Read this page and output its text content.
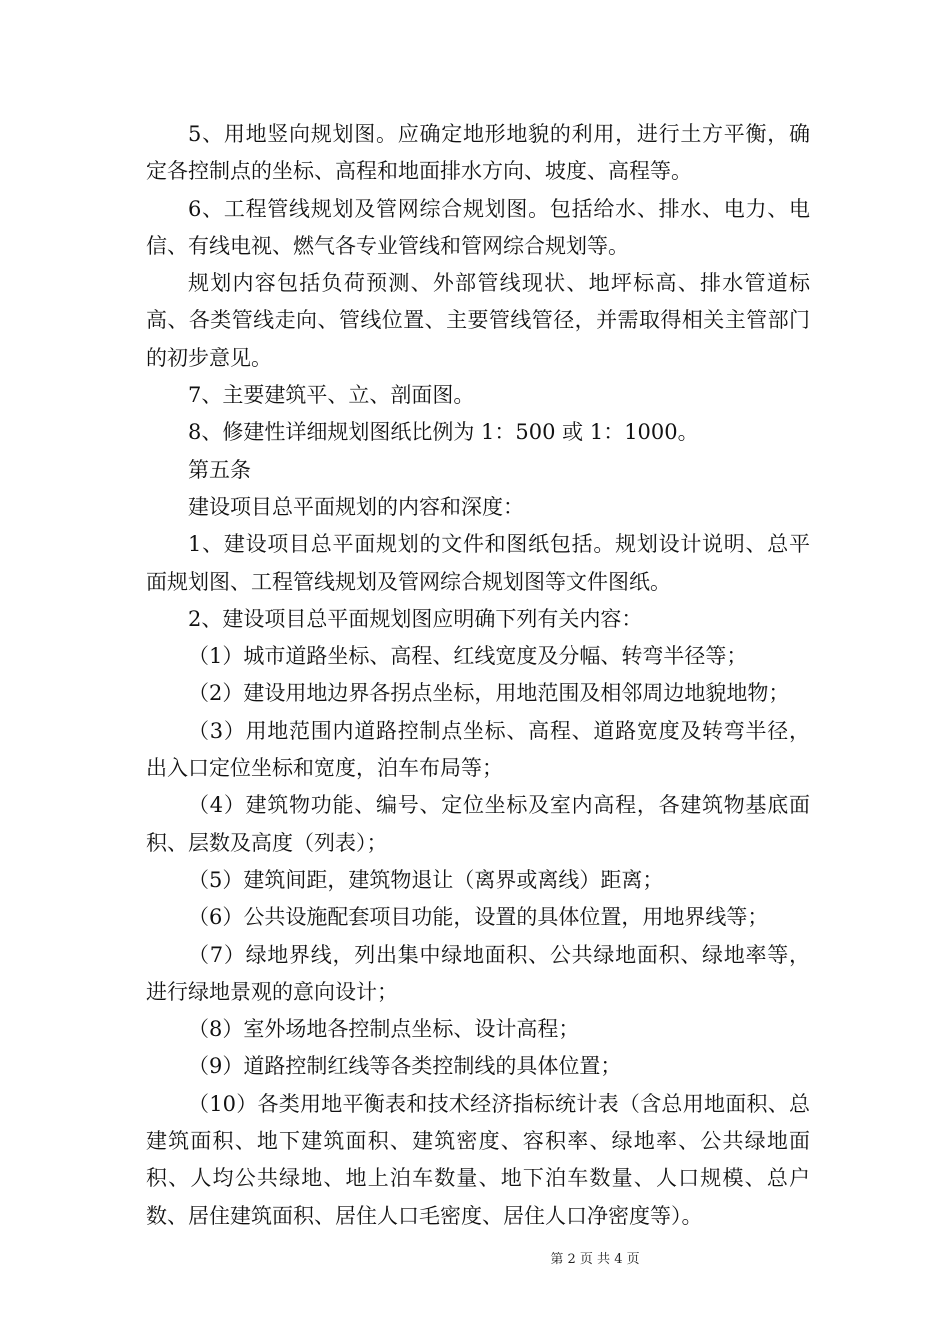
5、用地竖向规划图。应确定地形地貌的利用，进行土方平衡，确定各控制点的坐标、高程和地面排水方向、坡度、高程等。

6、工程管线规划及管网综合规划图。包括给水、排水、电力、电信、有线电视、燃气各专业管线和管网综合规划等。

规划内容包括负荷预测、外部管线现状、地坪标高、排水管道标高、各类管线走向、管线位置、主要管线管径，并需取得相关主管部门的初步意见。

7、主要建筑平、立、剖面图。

8、修建性详细规划图纸比例为 1：500 或 1：1000。

第五条

建设项目总平面规划的内容和深度：

1、建设项目总平面规划的文件和图纸包括。规划设计说明、总平面规划图、工程管线规划及管网综合规划图等文件图纸。

2、建设项目总平面规划图应明确下列有关内容：

（1）城市道路坐标、高程、红线宽度及分幅、转弯半径等；

（2）建设用地边界各拐点坐标，用地范围及相邻周边地貌地物；

（3）用地范围内道路控制点坐标、高程、道路宽度及转弯半径，出入口定位坐标和宽度，泊车布局等；

（4）建筑物功能、编号、定位坐标及室内高程，各建筑物基底面积、层数及高度（列表）；

（5）建筑间距，建筑物退让（离界或离线）距离；

（6）公共设施配套项目功能，设置的具体位置，用地界线等；

（7）绿地界线，列出集中绿地面积、公共绿地面积、绿地率等，进行绿地景观的意向设计；

（8）室外场地各控制点坐标、设计高程；

（9）道路控制红线等各类控制线的具体位置；

（10）各类用地平衡表和技术经济指标统计表（含总用地面积、总建筑面积、地下建筑面积、建筑密度、容积率、绿地率、公共绿地面积、人均公共绿地、地上泊车数量、地下泊车数量、人口规模、总户数、居住建筑面积、居住人口毛密度、居住人口净密度等）。

第 2 页 共 4 页
